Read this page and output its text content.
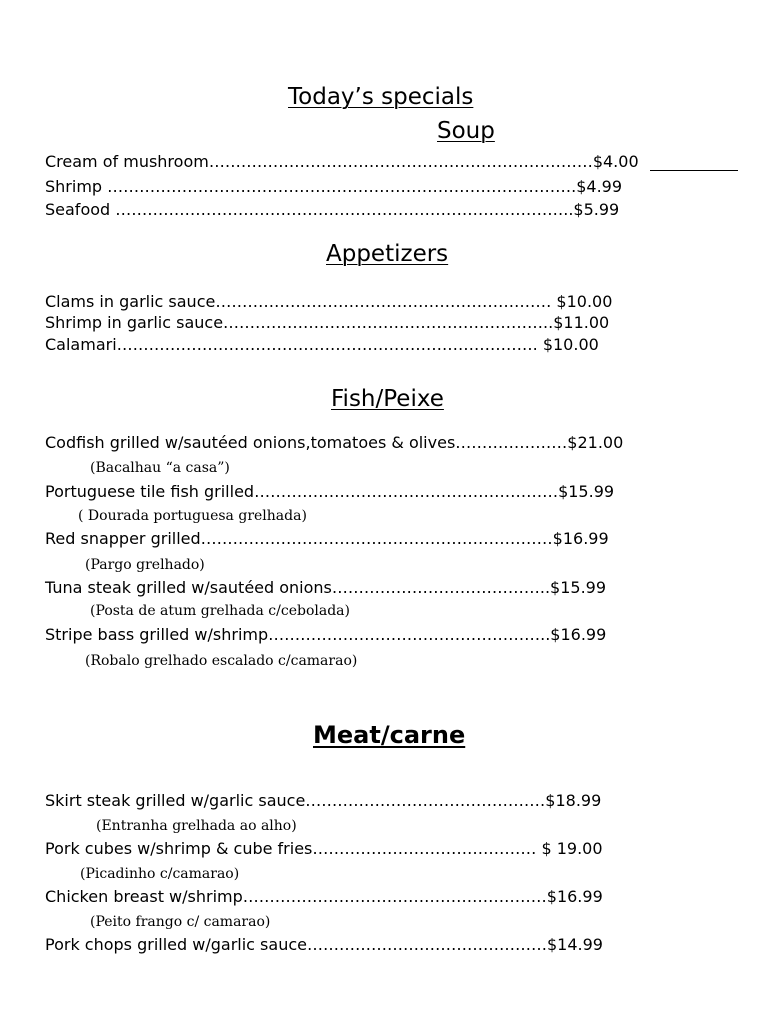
Today’s specials
Soup
Cream of mushroom………………………………………………………………$4.00
Shrimp …………………………………………………………………………….$4.99
Seafood …………………………………………………………………………..$5.99
Appetizers
Clams in garlic sauce……………………………………………………… $10.00
Shrimp in garlic sauce……………………………………………………..$11.00
Calamari……………………………………………………………………. $10.00
Fish/Peixe
Codfish grilled w/sautéed onions,tomatoes & olives…………………$21.00
(Bacalhau “a casa”)
Portuguese tile fish grilled…………………………………………………$15.99
( Dourada portuguesa grelhada)
Red snapper grilled…………………………………………………………$16.99
(Pargo grelhado)
Tuna steak grilled w/sautéed onions…………………………………..$15.99
(Posta de atum grelhada c/cebolada)
Stripe bass grilled w/shrimp……………………………………………..$16.99
(Robalo grelhado escalado c/camarao)
Meat/carne
Skirt steak grilled w/garlic sauce………………………………………$18.99
(Entranha grelhada ao alho)
Pork cubes w/shrimp & cube fries…………………………………… $ 19.00
(Picadinho c/camarao)
Chicken breast w/shrimp…………………………………………………$16.99
(Peito frango c/ camarao)
Pork chops grilled w/garlic sauce………………………………………$14.99
